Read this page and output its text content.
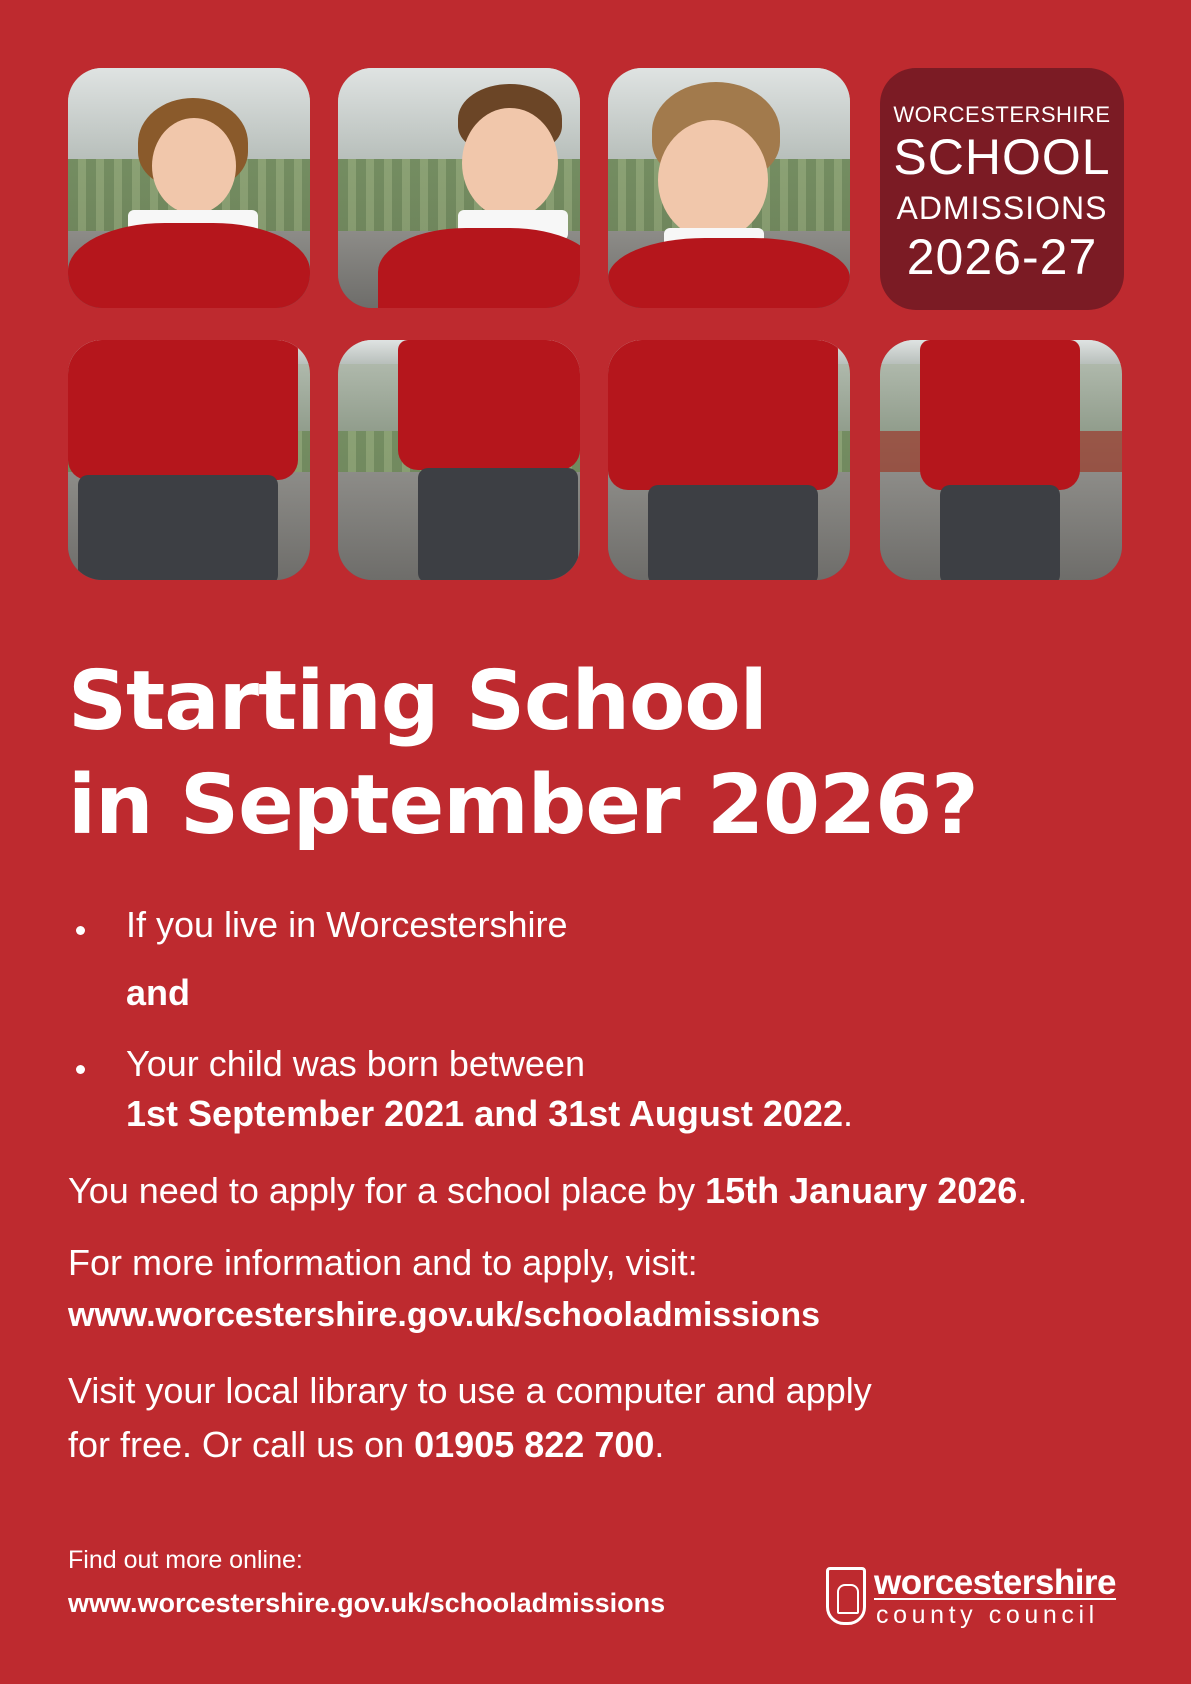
WORCESTERSHIRE
SCHOOL
ADMISSIONS
2026-27
Starting School
in September 2026?
If you live in Worcestershire
and
Your child was born between
1st September 2021 and 31st August 2022.
You need to apply for a school place by 15th January 2026.
For more information and to apply, visit:
www.worcestershire.gov.uk/schooladmissions
Visit your local library to use a computer and apply
for free. Or call us on 01905 822 700.
Find out more online:
www.worcestershire.gov.uk/schooladmissions
worcestershire
county council
